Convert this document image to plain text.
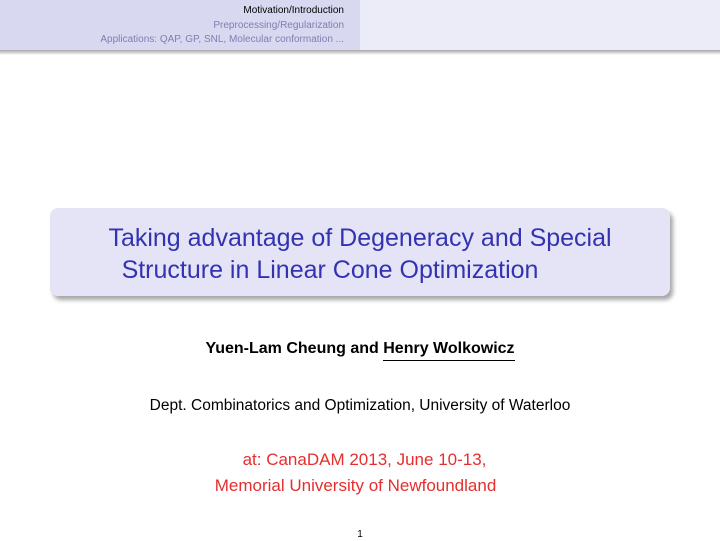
Motivation/Introduction
Preprocessing/Regularization
Applications: QAP, GP, SNL, Molecular conformation ...
Taking advantage of Degeneracy and Special
Structure in Linear Cone Optimization
Yuen-Lam Cheung and Henry Wolkowicz
Dept. Combinatorics and Optimization, University of Waterloo
at: CanaDAM 2013, June 10-13,
Memorial University of Newfoundland
1
